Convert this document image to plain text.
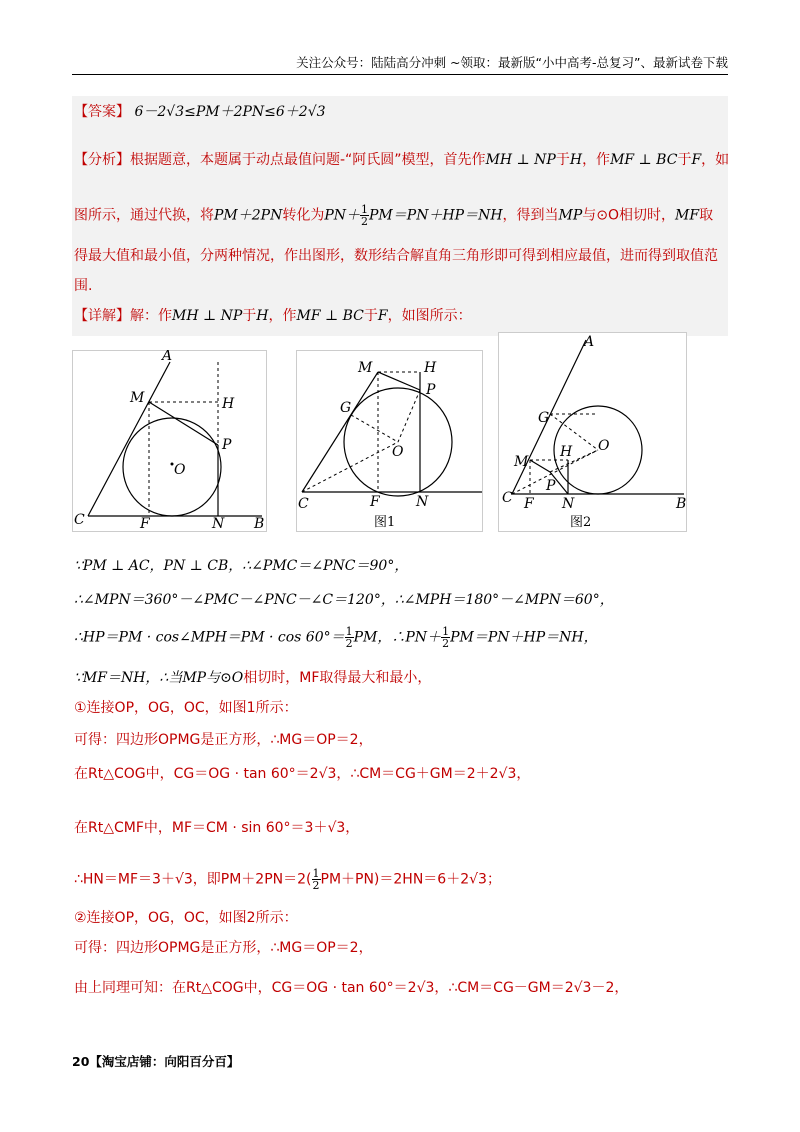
关注公众号：陆陆高分冲刺 ~领取：最新版“小中高考-总复习”、最新试卷下载
【答案】 6－2√3≤PM＋2PN≤6＋2√3
【分析】根据题意，本题属于动点最值问题-“阿氏圆”模型，首先作MH ⊥ NP于H，作MF ⊥ BC于F，如
图所示，通过代换，将PM＋2PN转化为$PN+ \frac{1}{2} PM=PN+HP=NH$，得到当MP与⊙O相切时，MF取
得最大值和最小值，分两种情况，作出图形，数形结合解直角三角形即可得到相应最值，进而得到取值范
围.
【详解】解：作MH ⊥ NP于H，作MF ⊥ BC于F，如图所示：
A
M	H
P
O
C	F	N B
M	H
P
G
O
C	F	N
图1
A
G
O
M
H
P
C F N	B
图2
∵PM ⊥ AC，PN ⊥ CB，∴∠PMC＝∠PNC＝90°，
∴∠MPN＝360°－∠PMC－∠PNC－∠C＝120°，∴∠MPH＝180°－∠MPN＝60°，
∴HP＝PM · cos∠MPH＝PM · $\cos 60^\circ= \frac{1}{2}$ PM，∴PN＋ $\frac{1}{2} PM=PN+HP=NH$，
∵MF＝NH，∴当MP与⊙O相切时，MF取得最大和最小，
①连接OP，OG，OC，如图1所示：
可得：四边形OPMG是正方形，∴MG＝OP＝2，
在Rt△COG中，CG＝OG · tan 60°＝2√3，∴CM＝CG＋GM＝2＋2√3，
在Rt△CMF中，MF＝CM · sin 60°＝3＋√3，
∴HN＝MF＝3＋√3，即$PM+2PN=2( \frac{1}{2} PM+PN)=2HN=6+2√3$；
②连接OP，OG，OC，如图2所示：
可得：四边形OPMG是正方形，∴MG＝OP＝2，
由上同理可知：在Rt△COG中，CG＝OG · tan 60°＝2√3，∴CM＝CG－GM＝2√3－2，
20【淘宝店铺：向阳百分百】
